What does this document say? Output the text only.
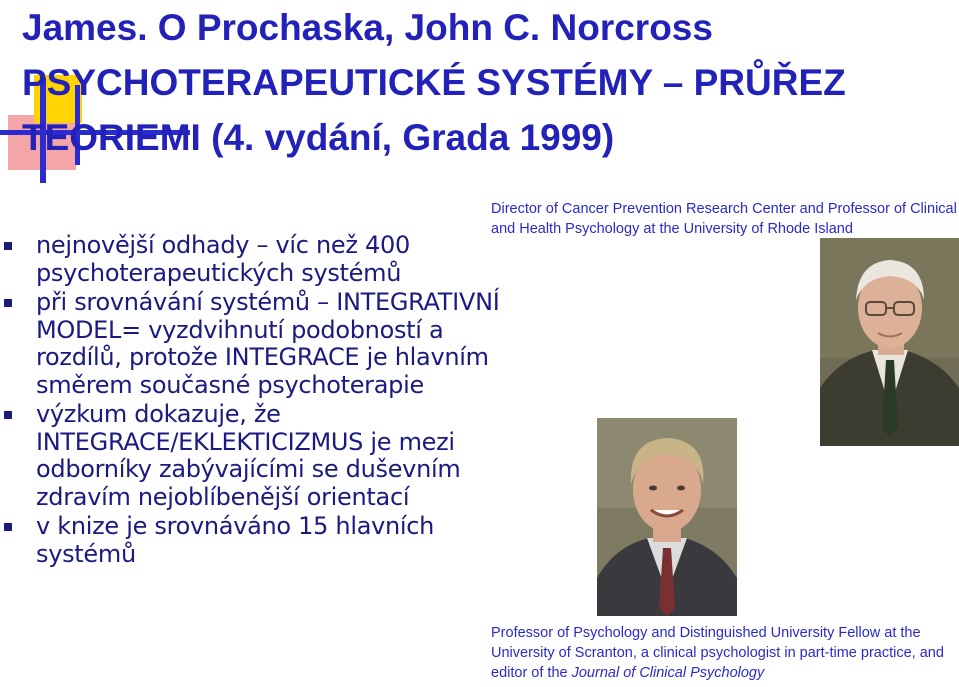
James. O Prochaska, John C. Norcross
PSYCHOTERAPEUTICKÉ SYSTÉMY – PRŮŘEZ
TEORIEMI (4. vydání, Grada 1999)
nejnovější odhady – víc než 400 psychoterapeutických systémů
při srovnávání systémů – INTEGRATIVNÍ MODEL= vyzdvihnutí podobností a rozdílů, protože INTEGRACE je hlavním směrem současné psychoterapie
výzkum dokazuje, že INTEGRACE/EKLEKTICIZMUS je mezi odborníky zabývajícími se duševním zdravím nejoblíbenější orientací
v knize je srovnáváno 15 hlavních systémů

Director of Cancer Prevention Research Center and Professor of Clinical and Health Psychology at the University of Rhode Island

Professor of Psychology and Distinguished University Fellow at the University of Scranton, a clinical psychologist in part-time practice, and editor of the Journal of Clinical Psychology
